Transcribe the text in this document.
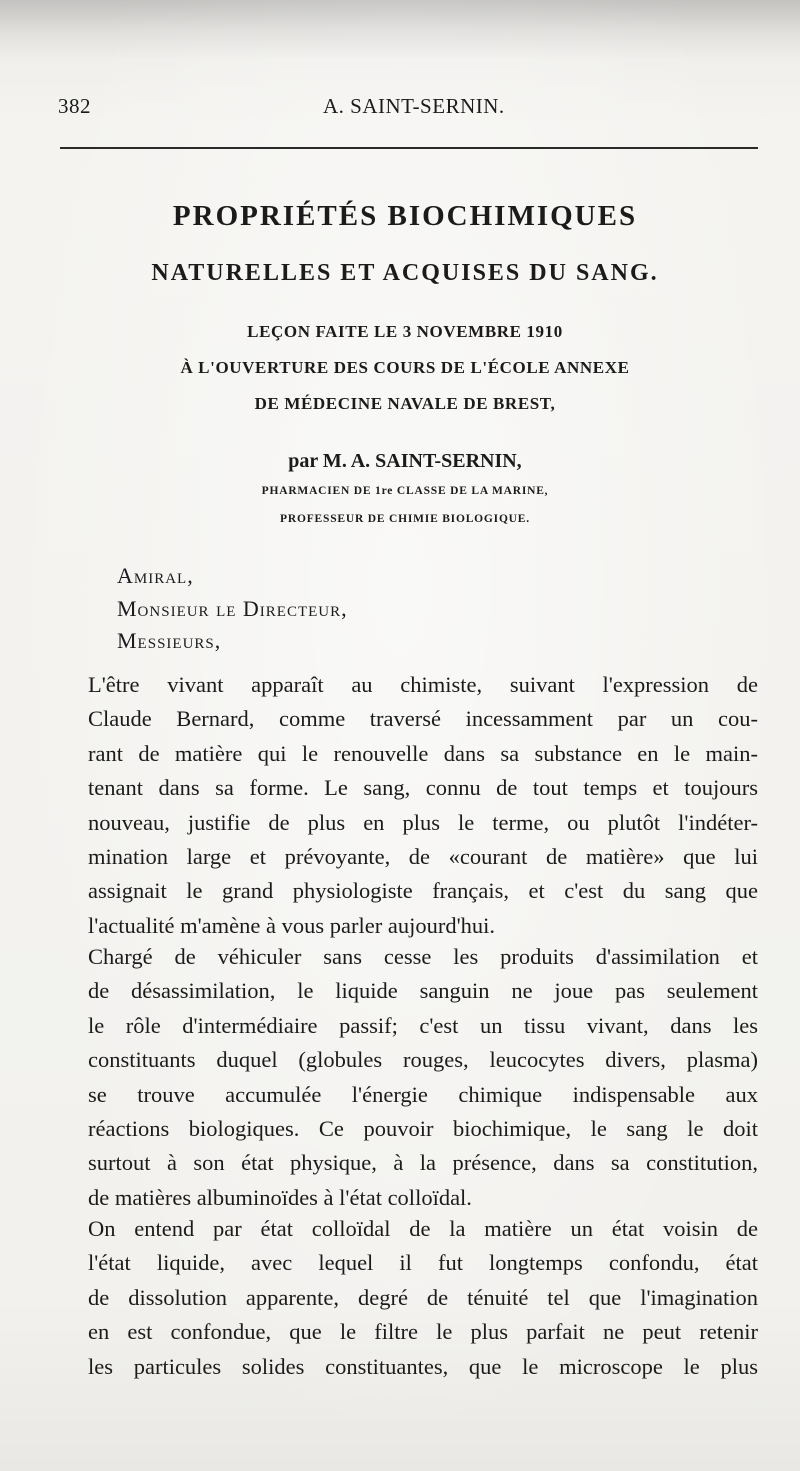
382	A. SAINT-SERNIN.
PROPRIÉTÉS BIOCHIMIQUES
NATURELLES ET ACQUISES DU SANG.
LEÇON FAITE LE 3 NOVEMBRE 1910
À L'OUVERTURE DES COURS DE L'ÉCOLE ANNEXE
DE MÉDECINE NAVALE DE BREST,
par M. A. SAINT-SERNIN,
PHARMACIEN DE 1re CLASSE DE LA MARINE,
PROFESSEUR DE CHIMIE BIOLOGIQUE.
Amiral,
Monsieur le Directeur,
Messieurs,
L'être vivant apparaît au chimiste, suivant l'expression de
Claude Bernard, comme traversé incessamment par un cou-
rant de matière qui le renouvelle dans sa substance en le main-
tenant dans sa forme. Le sang, connu de tout temps et toujours
nouveau, justifie de plus en plus le terme, ou plutôt l'indéter-
mination large et prévoyante, de «courant de matière» que lui
assignait le grand physiologiste français, et c'est du sang que
l'actualité m'amène à vous parler aujourd'hui.
Chargé de véhiculer sans cesse les produits d'assimilation et
de désassimilation, le liquide sanguin ne joue pas seulement
le rôle d'intermédiaire passif; c'est un tissu vivant, dans les
constituants duquel (globules rouges, leucocytes divers, plasma)
se trouve accumulée l'énergie chimique indispensable aux
réactions biologiques. Ce pouvoir biochimique, le sang le doit
surtout à son état physique, à la présence, dans sa constitution,
de matières albuminoïdes à l'état colloïdal.
On entend par état colloïdal de la matière un état voisin de
l'état liquide, avec lequel il fut longtemps confondu, état
de dissolution apparente, degré de ténuité tel que l'imagination
en est confondue, que le filtre le plus parfait ne peut retenir
les particules solides constituantes, que le microscope le plus
